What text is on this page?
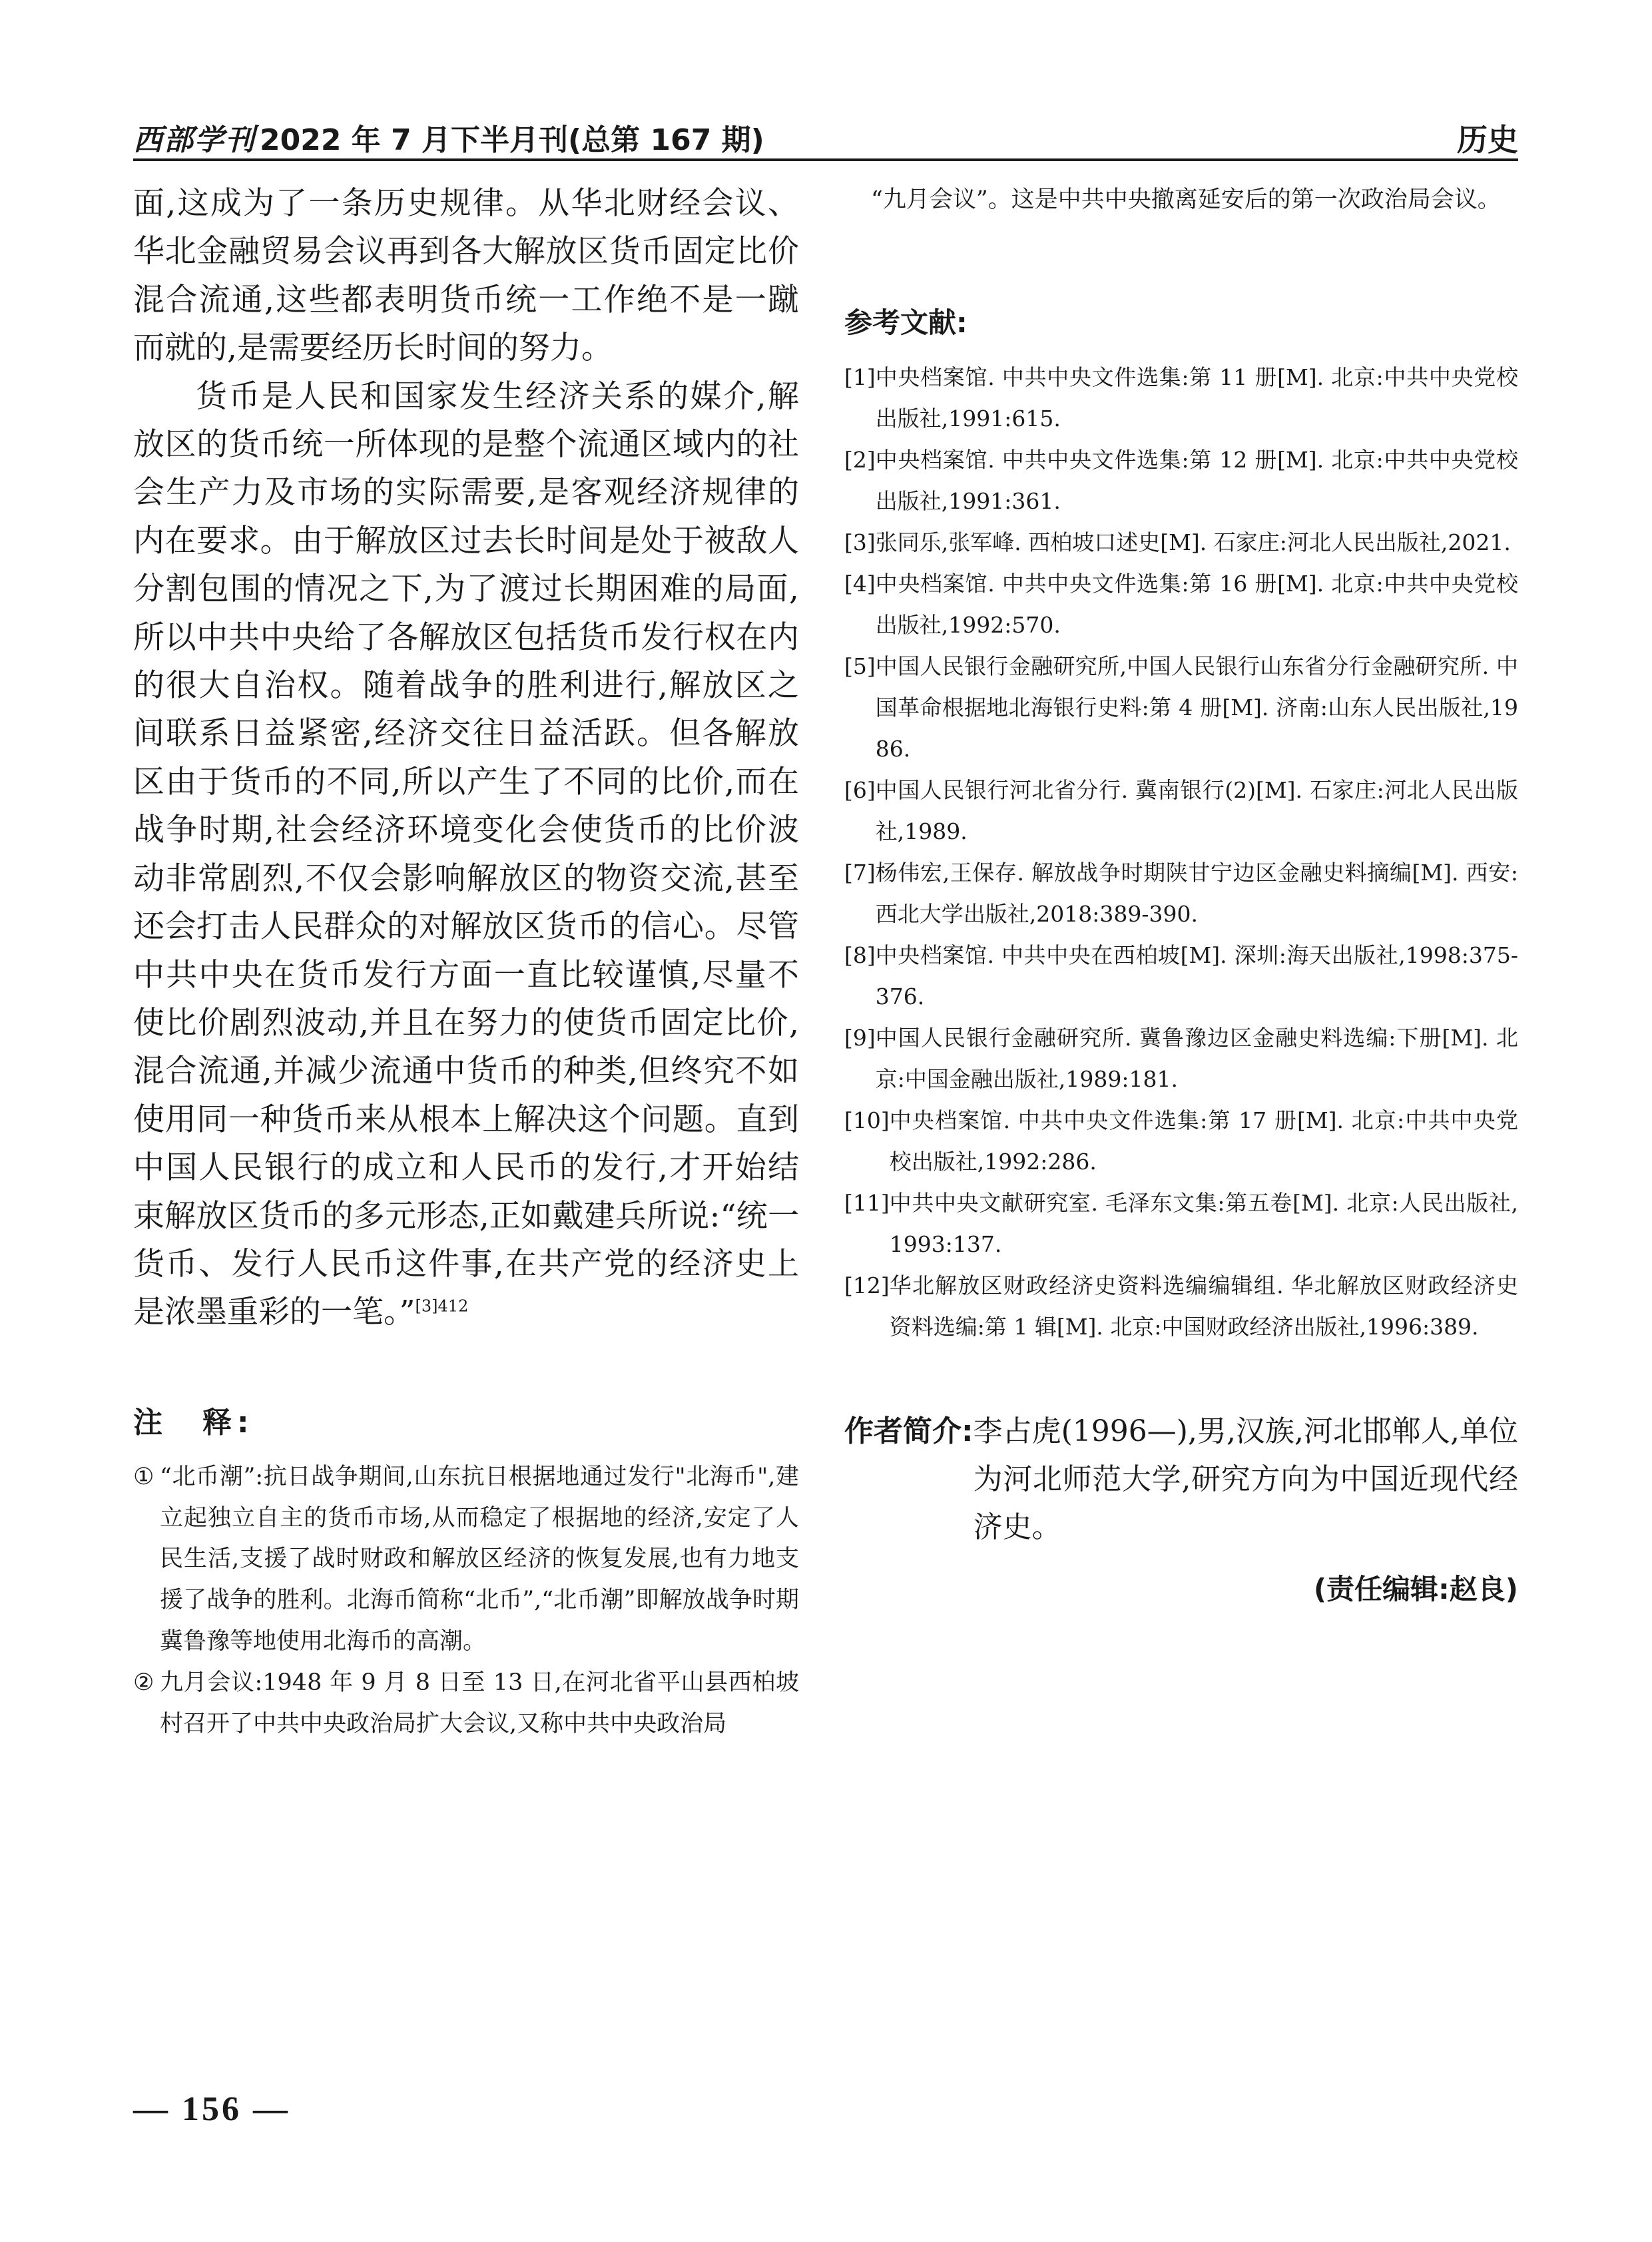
西部学刊 2022 年 7 月下半月刊(总第 167 期)	历史

面,这成为了一条历史规律。从华北财经会议、华北金融贸易会议再到各大解放区货币固定比价混合流通,这些都表明货币统一工作绝不是一蹴而就的,是需要经历长时间的努力。

货币是人民和国家发生经济关系的媒介,解放区的货币统一所体现的是整个流通区域内的社会生产力及市场的实际需要,是客观经济规律的内在要求。由于解放区过去长时间是处于被敌人分割包围的情况之下,为了渡过长期困难的局面,所以中共中央给了各解放区包括货币发行权在内的很大自治权。随着战争的胜利进行,解放区之间联系日益紧密,经济交往日益活跃。但各解放区由于货币的不同,所以产生了不同的比价,而在战争时期,社会经济环境变化会使货币的比价波动非常剧烈,不仅会影响解放区的物资交流,甚至还会打击人民群众的对解放区货币的信心。尽管中共中央在货币发行方面一直比较谨慎,尽量不使比价剧烈波动,并且在努力的使货币固定比价,混合流通,并减少流通中货币的种类,但终究不如使用同一种货币来从根本上解决这个问题。直到中国人民银行的成立和人民币的发行,才开始结束解放区货币的多元形态,正如戴建兵所说:“统一货币、发行人民币这件事,在共产党的经济史上是浓墨重彩的一笔。”$^{[3]412}$

注　释:
① “北币潮”:抗日战争期间,山东抗日根据地通过发行"北海币",建立起独立自主的货币市场,从而稳定了根据地的经济,安定了人民生活,支援了战时财政和解放区经济的恢复发展,也有力地支援了战争的胜利。北海币简称“北币”,“北币潮”即解放战争时期冀鲁豫等地使用北海币的高潮。
② 九月会议:1948 年 9 月 8 日至 13 日,在河北省平山县西柏坡村召开了中共中央政治局扩大会议,又称中共中央政治局

“九月会议”。这是中共中央撤离延安后的第一次政治局会议。

参考文献:
[1] 中央档案馆. 中共中央文件选集:第 11 册[M]. 北京:中共中央党校出版社,1991:615.
[2] 中央档案馆. 中共中央文件选集:第 12 册[M]. 北京:中共中央党校出版社,1991:361.
[3] 张同乐,张军峰. 西柏坡口述史[M]. 石家庄:河北人民出版社,2021.
[4] 中央档案馆. 中共中央文件选集:第 16 册[M]. 北京:中共中央党校出版社,1992:570.
[5] 中国人民银行金融研究所,中国人民银行山东省分行金融研究所. 中国革命根据地北海银行史料:第 4 册[M]. 济南:山东人民出版社,1986.
[6] 中国人民银行河北省分行. 冀南银行(2)[M]. 石家庄:河北人民出版社,1989.
[7] 杨伟宏,王保存. 解放战争时期陕甘宁边区金融史料摘编[M]. 西安:西北大学出版社,2018:389-390.
[8] 中央档案馆. 中共中央在西柏坡[M]. 深圳:海天出版社,1998:375-376.
[9] 中国人民银行金融研究所. 冀鲁豫边区金融史料选编:下册[M]. 北京:中国金融出版社,1989:181.
[10] 中央档案馆. 中共中央文件选集:第 17 册[M]. 北京:中共中央党校出版社,1992:286.
[11] 中共中央文献研究室. 毛泽东文集:第五卷[M]. 北京:人民出版社,1993:137.
[12] 华北解放区财政经济史资料选编编辑组. 华北解放区财政经济史资料选编:第 1 辑[M]. 北京:中国财政经济出版社,1996:389.
作者简介: 李占虎(1996—),男,汉族,河北邯郸人,单位为河北师范大学,研究方向为中国近现代经济史。
(责任编辑:赵良)
— 156 —
